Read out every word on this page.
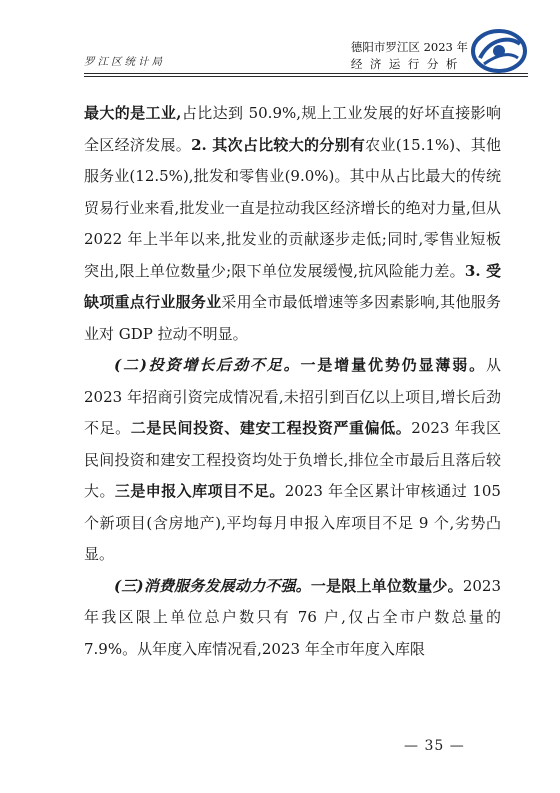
罗江区统计局
德阳市罗江区 2023 年
经济运行分析

最大的是工业,占比达到 50.9%,规上工业发展的好坏直接影响全区经济发展。2. 其次占比较大的分别有农业(15.1%)、其他服务业(12.5%),批发和零售业(9.0%)。其中从占比最大的传统贸易行业来看,批发业一直是拉动我区经济增长的绝对力量,但从 2022 年上半年以来,批发业的贡献逐步走低;同时,零售业短板突出,限上单位数量少;限下单位发展缓慢,抗风险能力差。3. 受缺项重点行业服务业采用全市最低增速等多因素影响,其他服务业对 GDP 拉动不明显。

(二)投资增长后劲不足。一是增量优势仍显薄弱。从 2023 年招商引资完成情况看,未招引到百亿以上项目,增长后劲不足。二是民间投资、建安工程投资严重偏低。2023 年我区民间投资和建安工程投资均处于负增长,排位全市最后且落后较大。三是申报入库项目不足。2023 年全区累计审核通过 105 个新项目(含房地产),平均每月申报入库项目不足 9 个,劣势凸显。

(三)消费服务发展动力不强。一是限上单位数量少。2023 年我区限上单位总户数只有 76 户,仅占全市户数总量的 7.9%。从年度入库情况看,2023 年全市年度入库限

— 35 —
